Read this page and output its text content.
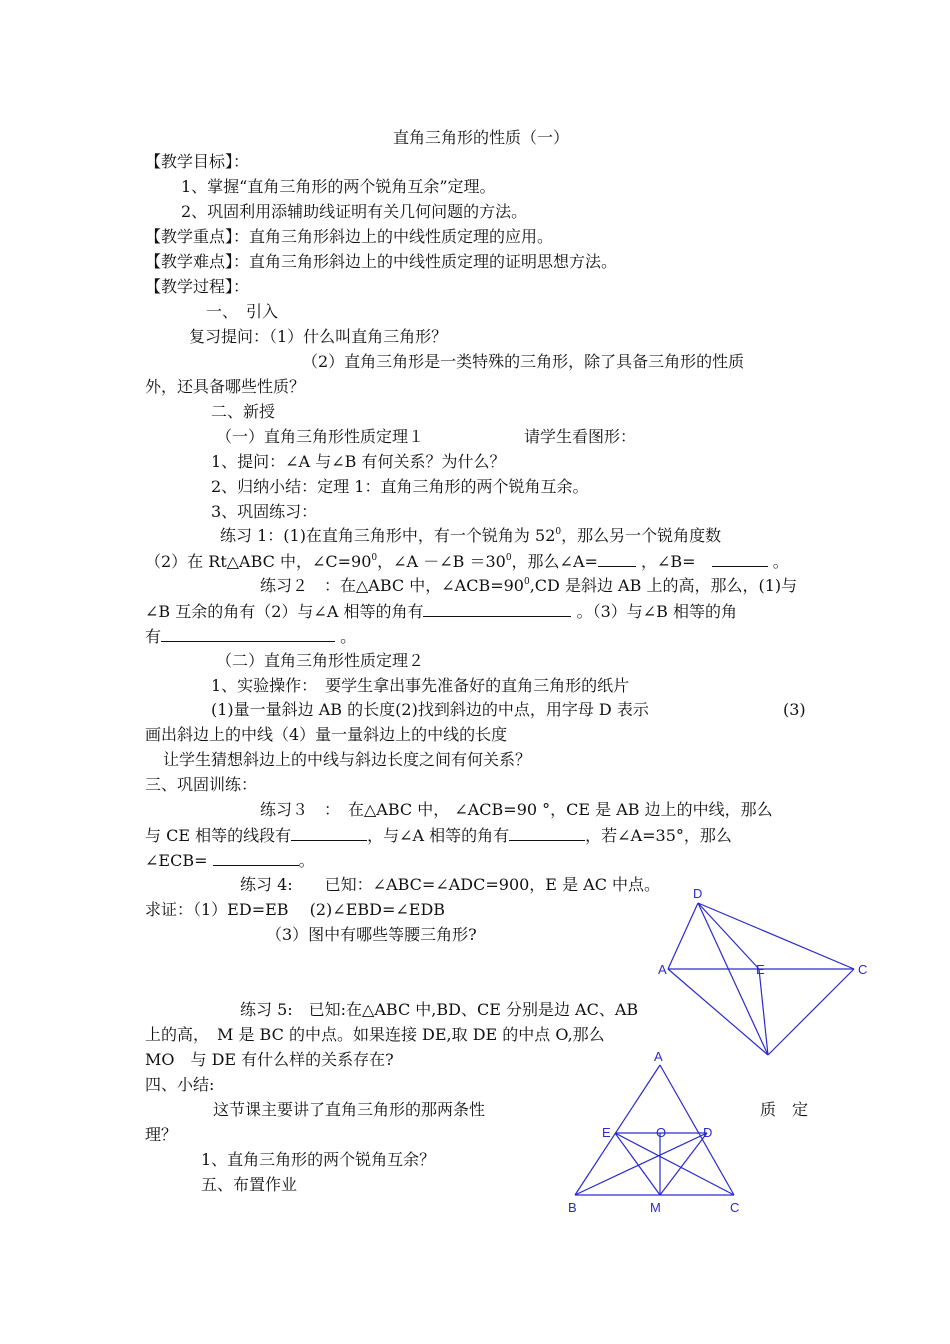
直角三角形的性质（一）
【教学目标】：
1、掌握“直角三角形的两个锐角互余”定理。
2、巩固利用添辅助线证明有关几何问题的方法。
【教学重点】：直角三角形斜边上的中线性质定理的应用。
【教学难点】：直角三角形斜边上的中线性质定理的证明思想方法。
【教学过程】：
一、　引入
复习提问：（1）什么叫直角三角形？
（2）直角三角形是一类特殊的三角形，除了具备三角形的性质
外，还具备哪些性质？
二、新授
（一）直角三角形性质定理１	请学生看图形：
1、提问：∠A 与∠B 有何关系？为什么？
2、归纳小结：定理 1：直角三角形的两个锐角互余。
3、巩固练习：
练习 1：(1)在直角三角形中，有一个锐角为 $52^0$，那么另一个锐角度数
（2）在 Rt△ABC 中，$\angle C=90^0$，∠A －∠B $=30^0$，那么∠A=	，∠B=　	。
练习２　：在△ABC 中，$\angle ACB=90^0,CD$ 是斜边 AB 上的高，那么，(1)与
∠B 互余的角有（2）与∠A 相等的角有	。（3）与∠B 相等的角
有	。
（二）直角三角形性质定理２
1、实验操作：　要学生拿出事先准备好的直角三角形的纸片
(1)量一量斜边 AB 的长度(2)找到斜边的中点，用字母 D 表示	(3)
画出斜边上的中线（4）量一量斜边上的中线的长度
让学生猜想斜边上的中线与斜边长度之间有何关系？
三、巩固训练：
练习３　：　在△ABC 中， ∠ACB=90 °，CE 是 AB 边上的中线，那么
与 CE 相等的线段有	，与∠A 相等的角有	，若∠A=35°，那么
∠ECB=	。
练习 4:　　已知：∠ABC=∠ADC=900，E 是 AC 中点。
求证：（1）ED=EB　 (2)∠EBD=∠EDB
（3）图中有哪些等腰三角形?
练习 5:　已知:在△ABC 中,BD、CE 分别是边 AC、AB
上的高，　M 是 BC 的中点。如果连接 DE,取 DE 的中点 O,那么
MO　与 DE 有什么样的关系存在?
四、小结:
这节课主要讲了直角三角形的那两条性	质　定
理？
1、直角三角形的两个锐角互余？
五、布置作业
D
A	E	C
A
E	O	D
B	M	C
